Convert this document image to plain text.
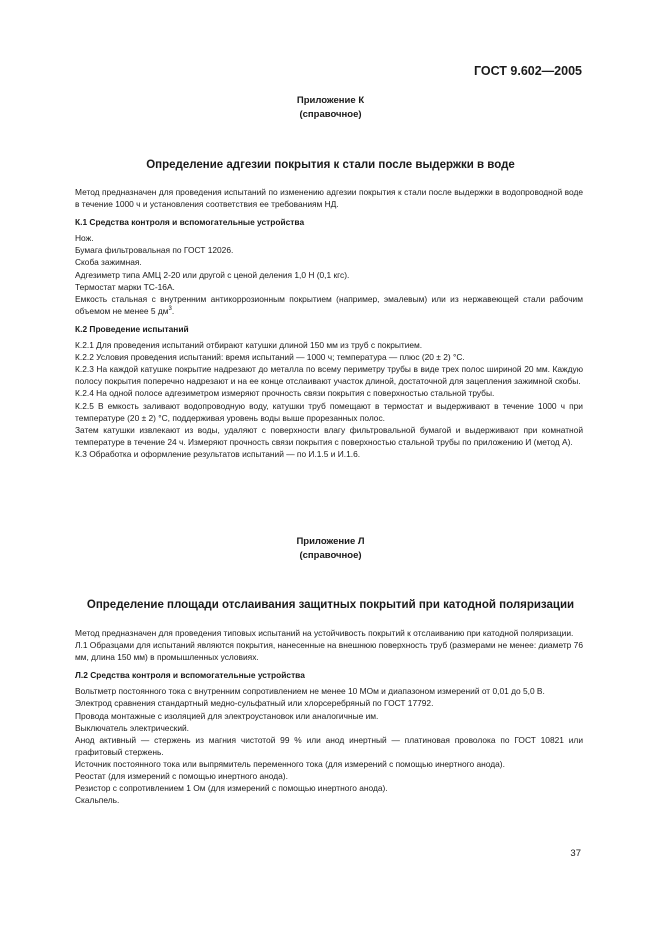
ГОСТ 9.602—2005
Приложение К
(справочное)
Определение адгезии покрытия к стали после выдержки в воде

Метод предназначен для проведения испытаний по изменению адгезии покрытия к стали после выдержки в водопроводной воде в течение 1000 ч и установления соответствия ее требованиям НД.

К.1 Средства контроля и вспомогательные устройства

Нож.

Бумага фильтровальная по ГОСТ 12026.

Скоба зажимная.

Адгезиметр типа АМЦ 2-20 или другой с ценой деления 1,0 Н (0,1 кгс).

Термостат марки ТС-16А.

Емкость стальная с внутренним антикоррозионным покрытием (например, эмалевым) или из нержавеющей стали рабочим объемом не менее 5 $дм^3$.

К.2 Проведение испытаний

К.2.1 Для проведения испытаний отбирают катушки длиной 150 мм из труб с покрытием.

К.2.2 Условия проведения испытаний: время испытаний — 1000 ч; температура — плюс (20 ± 2) °С.

К.2.3 На каждой катушке покрытие надрезают до металла по всему периметру трубы в виде трех полос шириной 20 мм. Каждую полосу покрытия поперечно надрезают и на ее конце отслаивают участок длиной, достаточной для зацепления зажимной скобы.

К.2.4 На одной полосе адгезиметром измеряют прочность связи покрытия с поверхностью стальной трубы.

К.2.5 В емкость заливают водопроводную воду, катушки труб помещают в термостат и выдерживают в течение 1000 ч при температуре (20 ± 2) °С, поддерживая уровень воды выше прорезанных полос.

Затем катушки извлекают из воды, удаляют с поверхности влагу фильтровальной бумагой и выдерживают при комнатной температуре в течение 24 ч. Измеряют прочность связи покрытия с поверхностью стальной трубы по приложению И (метод А).

К.3 Обработка и оформление результатов испытаний — по И.1.5 и И.1.6.

Приложение Л
(справочное)
Определение площади отслаивания защитных покрытий при катодной поляризации

Метод предназначен для проведения типовых испытаний на устойчивость покрытий к отслаиванию при катодной поляризации.

Л.1 Образцами для испытаний являются покрытия, нанесенные на внешнюю поверхность труб (размерами не менее: диаметр 76 мм, длина 150 мм) в промышленных условиях.

Л.2 Средства контроля и вспомогательные устройства

Вольтметр постоянного тока с внутренним сопротивлением не менее 10 МОм и диапазоном измерений от 0,01 до 5,0 В.

Электрод сравнения стандартный медно-сульфатный или хлорсеребряный по ГОСТ 17792.

Провода монтажные с изоляцией для электроустановок или аналогичные им.

Выключатель электрический.

Анод активный — стержень из магния чистотой 99 % или анод инертный — платиновая проволока по ГОСТ 10821 или графитовый стержень.

Источник постоянного тока или выпрямитель переменного тока (для измерений с помощью инертного анода).

Реостат (для измерений с помощью инертного анода).

Резистор с сопротивлением 1 Ом (для измерений с помощью инертного анода).

Скальпель.

37
